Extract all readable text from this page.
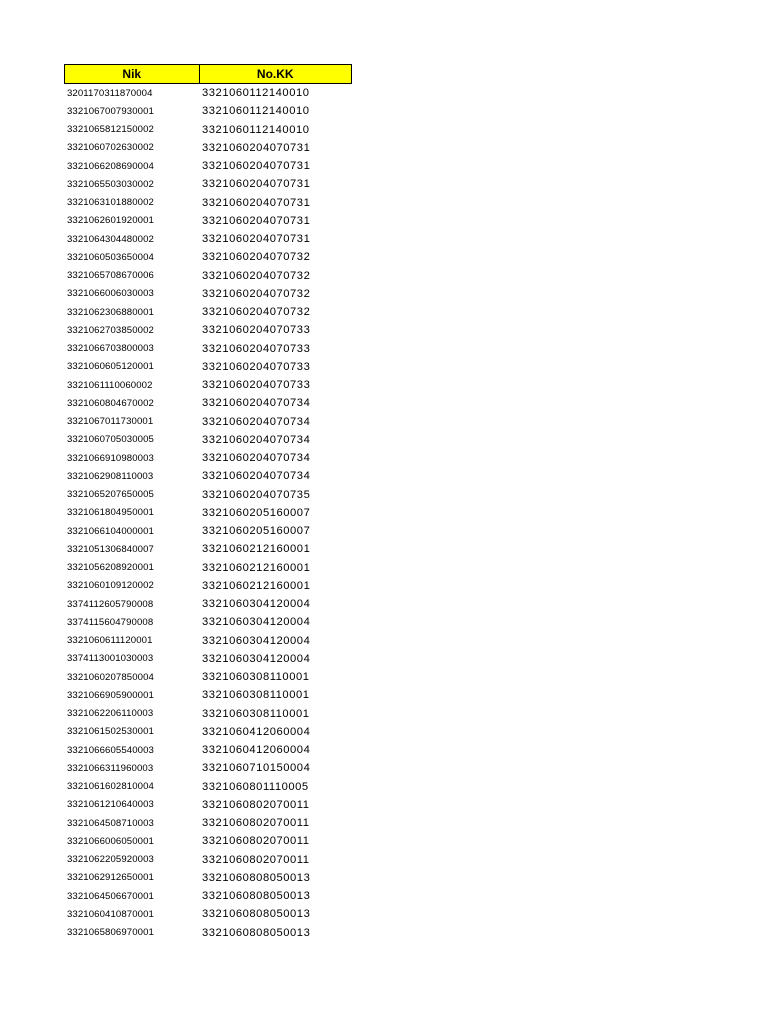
Nik	No.KK
3201170311870004	3321060112140010
3321067007930001	3321060112140010
3321065812150002	3321060112140010
3321060702630002	3321060204070731
3321066208690004	3321060204070731
3321065503030002	3321060204070731
3321063101880002	3321060204070731
3321062601920001	3321060204070731
3321064304480002	3321060204070731
3321060503650004	3321060204070732
3321065708670006	3321060204070732
3321066006030003	3321060204070732
3321062306880001	3321060204070732
3321062703850002	3321060204070733
3321066703800003	3321060204070733
3321060605120001	3321060204070733
3321061110060002	3321060204070733
3321060804670002	3321060204070734
3321067011730001	3321060204070734
3321060705030005	3321060204070734
3321066910980003	3321060204070734
3321062908110003	3321060204070734
3321065207650005	3321060204070735
3321061804950001	3321060205160007
3321066104000001	3321060205160007
3321051306840007	3321060212160001
3321056208920001	3321060212160001
3321060109120002	3321060212160001
3374112605790008	3321060304120004
3374115604790008	3321060304120004
3321060611120001	3321060304120004
3374113001030003	3321060304120004
3321060207850004	3321060308110001
3321066905900001	3321060308110001
3321062206110003	3321060308110001
3321061502530001	3321060412060004
3321066605540003	3321060412060004
3321066311960003	3321060710150004
3321061602810004	3321060801110005
3321061210640003	3321060802070011
3321064508710003	3321060802070011
3321066006050001	3321060802070011
3321062205920003	3321060802070011
3321062912650001	3321060808050013
3321064506670001	3321060808050013
3321060410870001	3321060808050013
3321065806970001	3321060808050013
